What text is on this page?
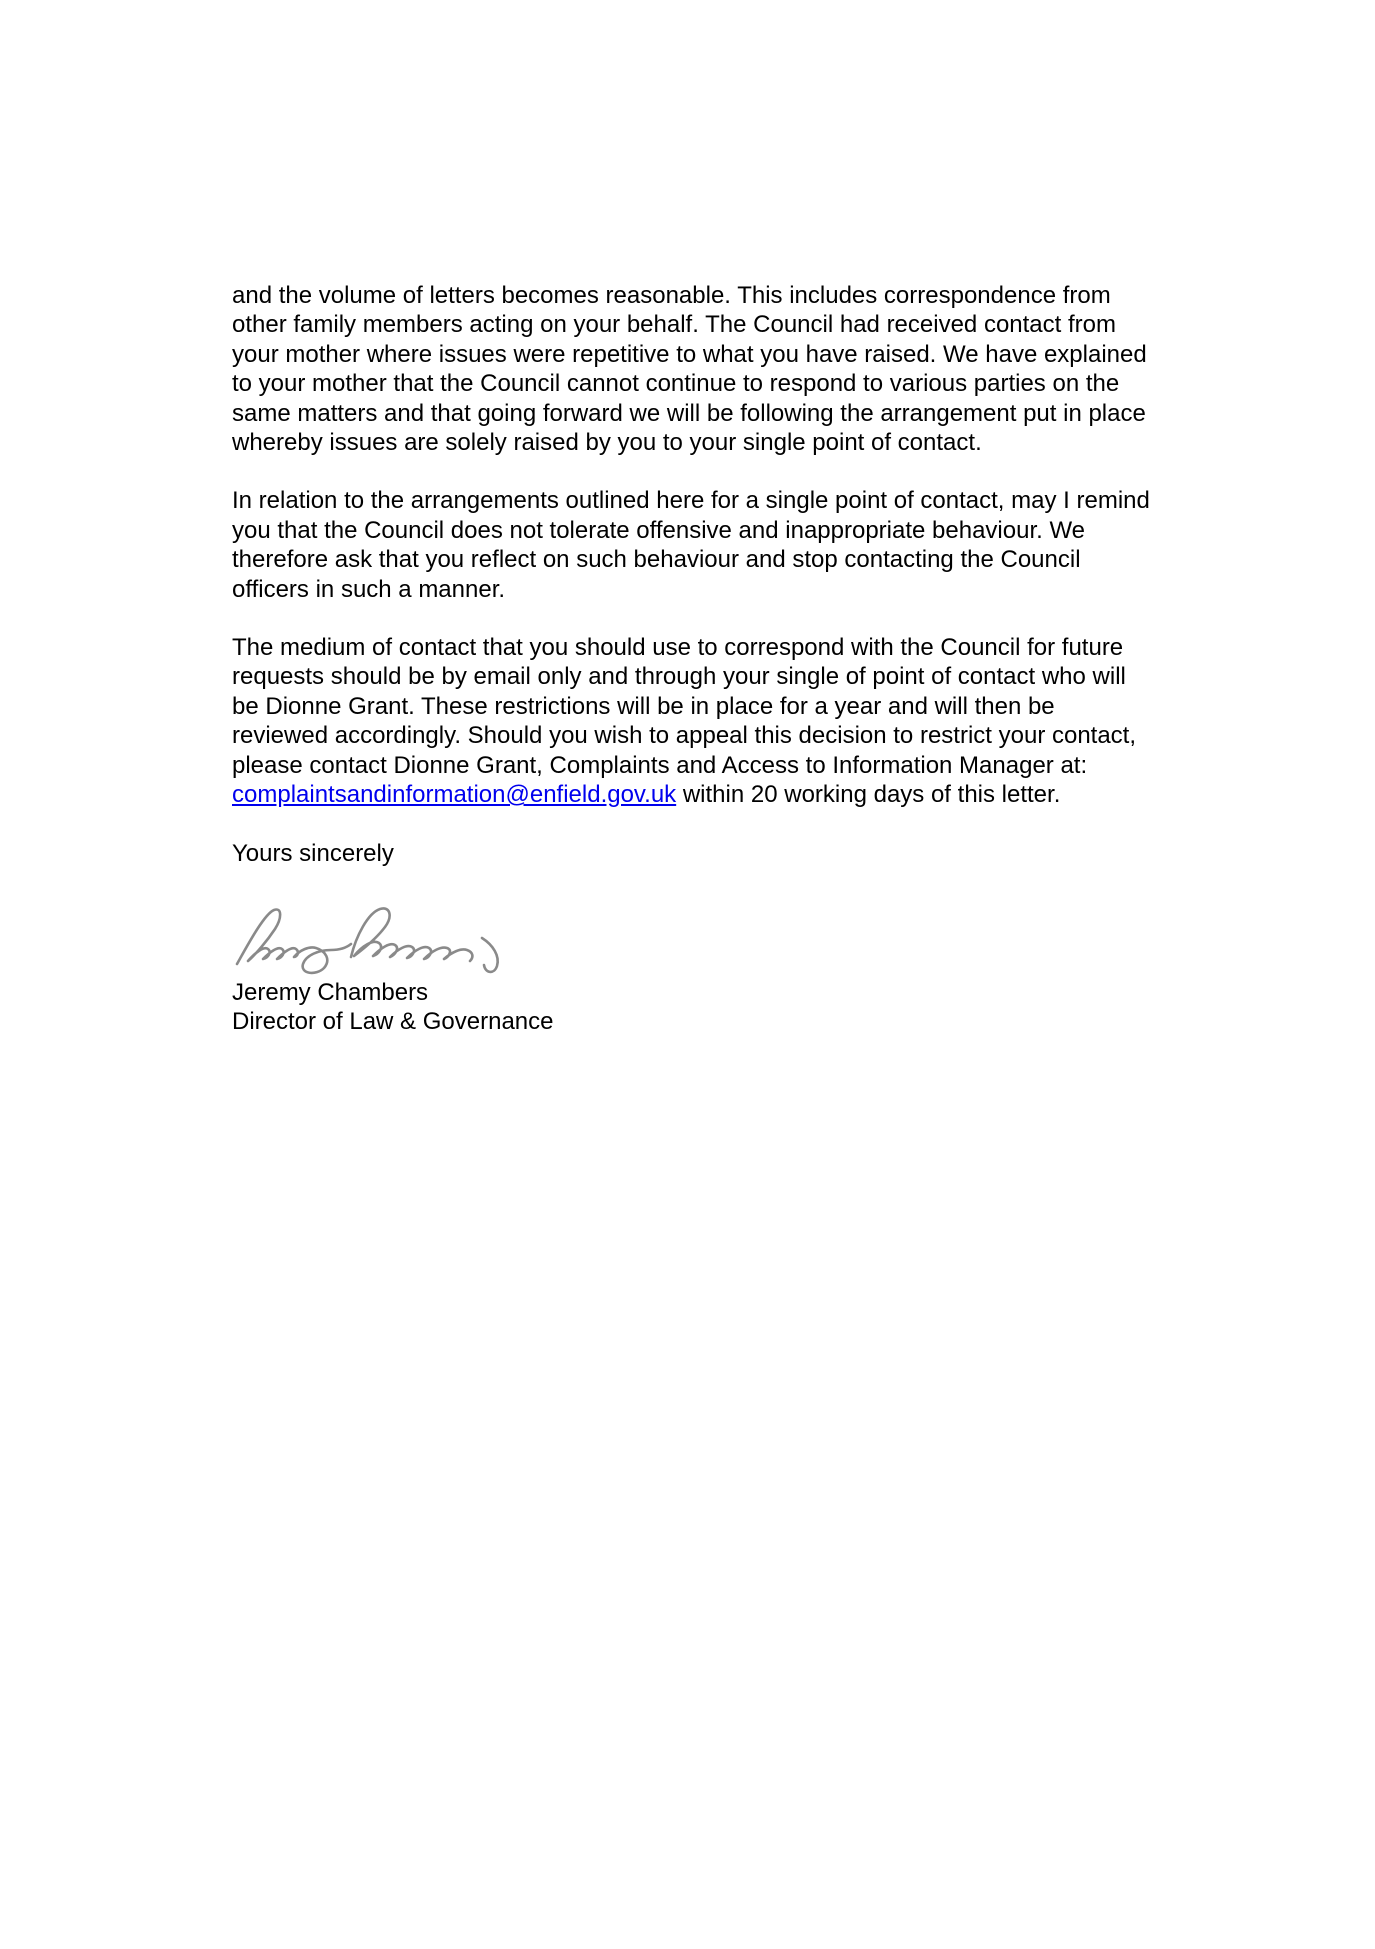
and the volume of letters becomes reasonable. This includes correspondence from
other family members acting on your behalf. The Council had received contact from
your mother where issues were repetitive to what you have raised. We have explained
to your mother that the Council cannot continue to respond to various parties on the
same matters and that going forward we will be following the arrangement put in place
whereby issues are solely raised by you to your single point of contact.

In relation to the arrangements outlined here for a single point of contact, may I remind
you that the Council does not tolerate offensive and inappropriate behaviour. We
therefore ask that you reflect on such behaviour and stop contacting the Council
officers in such a manner.

The medium of contact that you should use to correspond with the Council for future
requests should be by email only and through your single of point of contact who will
be Dionne Grant. These restrictions will be in place for a year and will then be
reviewed accordingly. Should you wish to appeal this decision to restrict your contact,
please contact Dionne Grant, Complaints and Access to Information Manager at:
complaintsandinformation@enfield.gov.uk within 20 working days of this letter.

Yours sincerely

Jeremy Chambers
Director of Law & Governance
